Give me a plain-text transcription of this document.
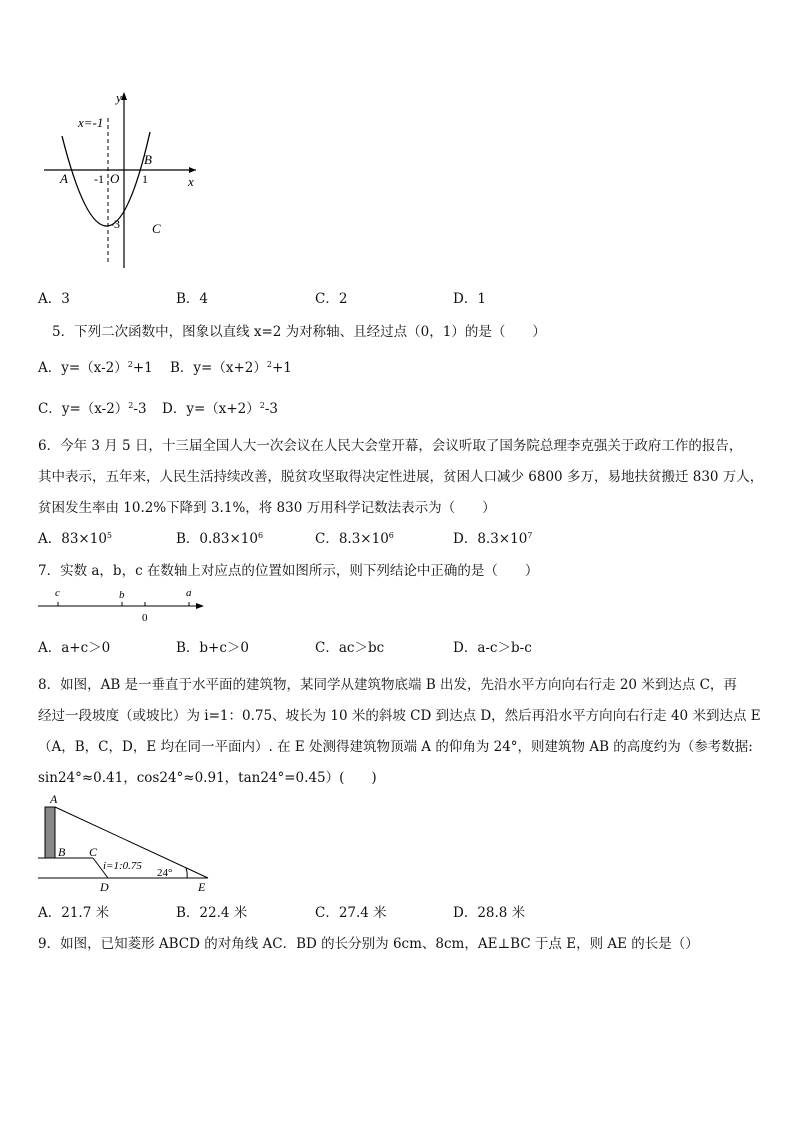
x=-1
y
x
A
B
C
-1 O 1
-3
A．3	B．4	C．2	D．1
5．下列二次函数中，图象以直线 x=2 为对称轴、且经过点（0，1）的是（　　）
A．$y=(x-2)^2+1$ B．$y=(x+2)^2+1$
C．$y=(x-2)^2-3$ D．$y=(x+2)^2-3$
6．今年 3 月 5 日，十三届全国人大一次会议在人民大会堂开幕，会议听取了国务院总理李克强关于政府工作的报告，
其中表示，五年来，人民生活持续改善，脱贫攻坚取得决定性进展，贫困人口减少 6800 多万，易地扶贫搬迁 830 万人，
贫困发生率由 10.2%下降到 3.1%，将 830 万用科学记数法表示为（　　）
A．$83\times 10^5$	B．$0.83\times 10^6$	C．$8.3\times 10^6$	D．$8.3\times 10^7$
7．实数 a，b，c 在数轴上对应点的位置如图所示，则下列结论中正确的是（　　）
c	b
0
a
A．a+c＞0	B．b+c＞0	C．ac＞bc	D．a-c＞b-c
8．如图，AB 是一垂直于水平面的建筑物，某同学从建筑物底端 B 出发，先沿水平方向向右行走 20 米到达点 C，再
经过一段坡度（或坡比）为 i=1：0.75、坡长为 10 米的斜坡 CD 到达点 D，然后再沿水平方向向右行走 40 米到达点 E
（A，B，C，D，E 均在同一平面内）. 在 E 处测得建筑物顶端 A 的仰角为 24°，则建筑物 AB 的高度约为（参考数据:
sin24°≈0.41，cos24°≈0.91，tan24°=0.45）(　　)
A
B C
D	E
i=1:0.75
24°
A．21.7 米	B．22.4 米	C．27.4 米	D．28.8 米
9．如图，已知菱形 ABCD 的对角线 AC．BD 的长分别为 6cm、8cm，AE⊥BC 于点 E，则 AE 的长是（）
